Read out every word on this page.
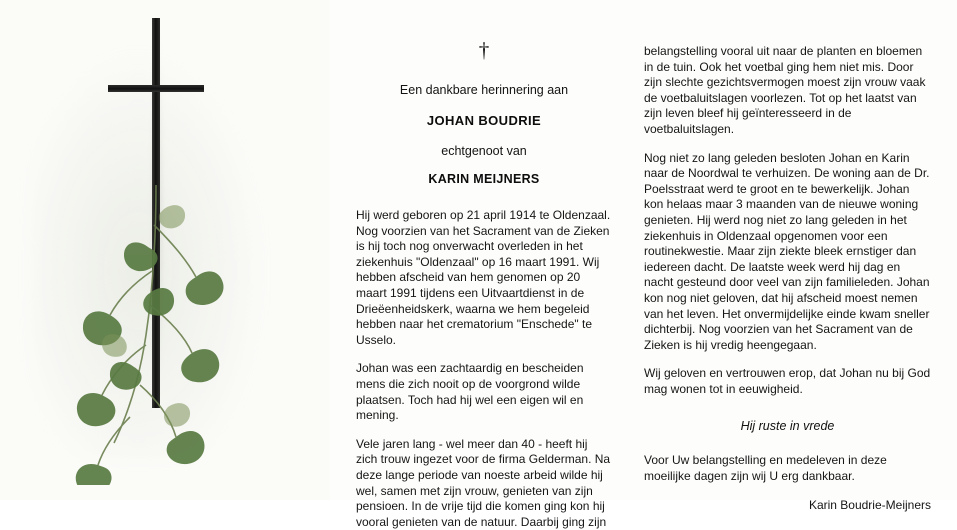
†
Een dankbare herinnering aan
JOHAN BOUDRIE
echtgenoot van
KARIN MEIJNERS

Hij werd geboren op 21 april 1914 te Oldenzaal. Nog voorzien van het Sacrament van de Zieken is hij toch nog onverwacht overleden in het ziekenhuis "Oldenzaal" op 16 maart 1991. Wij hebben afscheid van hem genomen op 20 maart 1991 tijdens een Uitvaartdienst in de Drieëenheidskerk, waarna we hem begeleid hebben naar het crematorium "Enschede" te Usselo.

Johan was een zachtaardig en bescheiden mens die zich nooit op de voorgrond wilde plaatsen. Toch had hij wel een eigen wil en mening.

Vele jaren lang - wel meer dan 40 - heeft hij zich trouw ingezet voor de firma Gelderman. Na deze lange periode van noeste arbeid wilde hij wel, samen met zijn vrouw, genieten van zijn pensioen. In de vrije tijd die komen ging kon hij vooral genieten van de natuur. Daarbij ging zijn

belangstelling vooral uit naar de planten en bloemen in de tuin. Ook het voetbal ging hem niet mis. Door zijn slechte gezichtsvermogen moest zijn vrouw vaak de voetbaluitslagen voorlezen. Tot op het laatst van zijn leven bleef hij geïnteresseerd in de voetbaluitslagen.

Nog niet zo lang geleden besloten Johan en Karin naar de Noordwal te verhuizen. De woning aan de Dr. Poelsstraat werd te groot en te bewerkelijk. Johan kon helaas maar 3 maanden van de nieuwe woning genieten. Hij werd nog niet zo lang geleden in het ziekenhuis in Oldenzaal opgenomen voor een routinekwestie. Maar zijn ziekte bleek ernstiger dan iedereen dacht. De laatste week werd hij dag en nacht gesteund door veel van zijn familieleden. Johan kon nog niet geloven, dat hij afscheid moest nemen van het leven. Het onvermijdelijke einde kwam sneller dichterbij. Nog voorzien van het Sacrament van de Zieken is hij vredig heengegaan.

Wij geloven en vertrouwen erop, dat Johan nu bij God mag wonen tot in eeuwigheid.

Hij ruste in vrede

Voor Uw belangstelling en medeleven in deze moeilijke dagen zijn wij U erg dankbaar.

Karin Boudrie-Meijners
